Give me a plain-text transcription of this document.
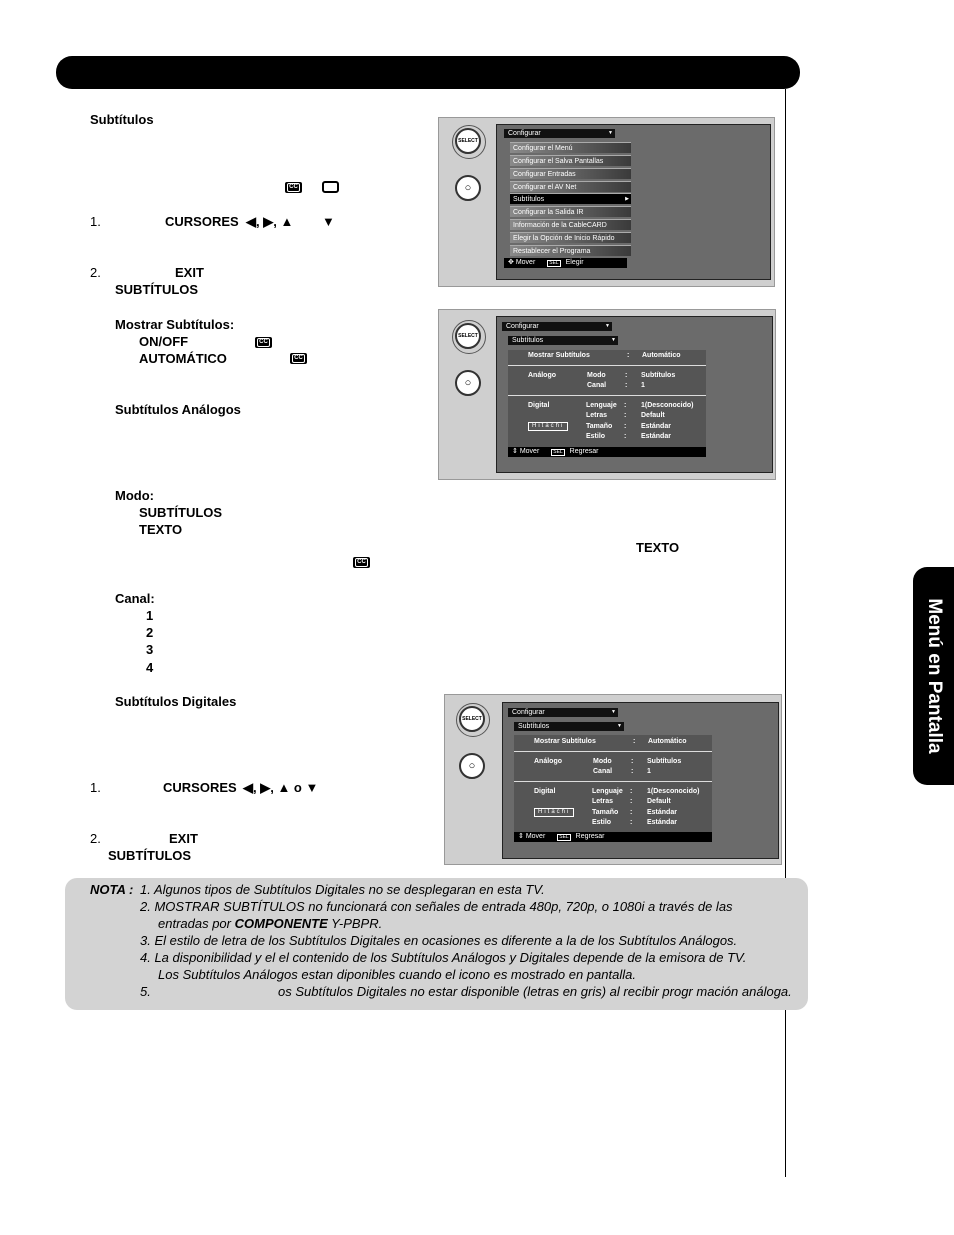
Menú en Pantalla
Subtítulos
CC
1.	CURSORES ◀, ▶, ▲ ▼
2.	EXIT
SUBTÍTULOS
Mostrar Subtítulos:
ON/OFF
CC
AUTOMÁTICO
CC
Subtítulos Análogos
Modo:
SUBTÍTULOS
TEXTO
TEXTO
CC
Canal:
1
2
3
4
Subtítulos Digitales
1.	CURSORES ◀, ▶, ▲ o ▼
2.	EXIT
SUBTÍTULOS
SELECT
○
Configurar ▼
Configurar el Menú
Configurar el Salva Pantallas
Configurar Entradas
Configurar el AV Net
Subtítulos ▶
Configurar la Salida IR
Información de la CableCARD
Elegir la Opción de Inicio Rápido
Restablecer el Programa
✥ Mover	SEL Elegir
SELECT
○
Configurar ▼
Subtítulos ▼
Mostrar Subtítulos	: Automático
Análogo	Modo	: Subtítulos
Canal	: 1
Digital	Lenguaje : 1(Desconocido)
Letras : Default
Hitachi	Tamaño : Estándar
Estilo	: Estándar
⇕ Mover	SEL Regresar
SELECT
○
Configurar ▼
Subtítulos ▼
Mostrar Subtítulos	: Automático
Análogo	Modo	: Subtítulos
Canal	: 1
Digital	Lenguaje : 1(Desconocido)
Letras : Default
Hitachi	Tamaño : Estándar
Estilo	: Estándar
⇕ Mover	SEL Regresar
NOTA : 1. Algunos tipos de Subtítulos Digitales no se desplegaran en esta TV.
2. MOSTRAR SUBTÍTULOS no funcionará con señales de entrada 480p, 720p, o 1080i a través de las
entradas por COMPONENTE Y-PBPR.
3. El estilo de letra de los Subtítulos Digitales en ocasiones es diferente a la de los Subtítulos Análogos.
4. La disponibilidad y el el contenido de los Subtítulos Análogos y Digitales depende de la emisora de TV.
Los Subtítulos Análogos estan diponibles cuando el icono es mostrado en pantalla.
5.	os Subtítulos Digitales no estar disponible (letras en gris) al recibir progr mación análoga.
